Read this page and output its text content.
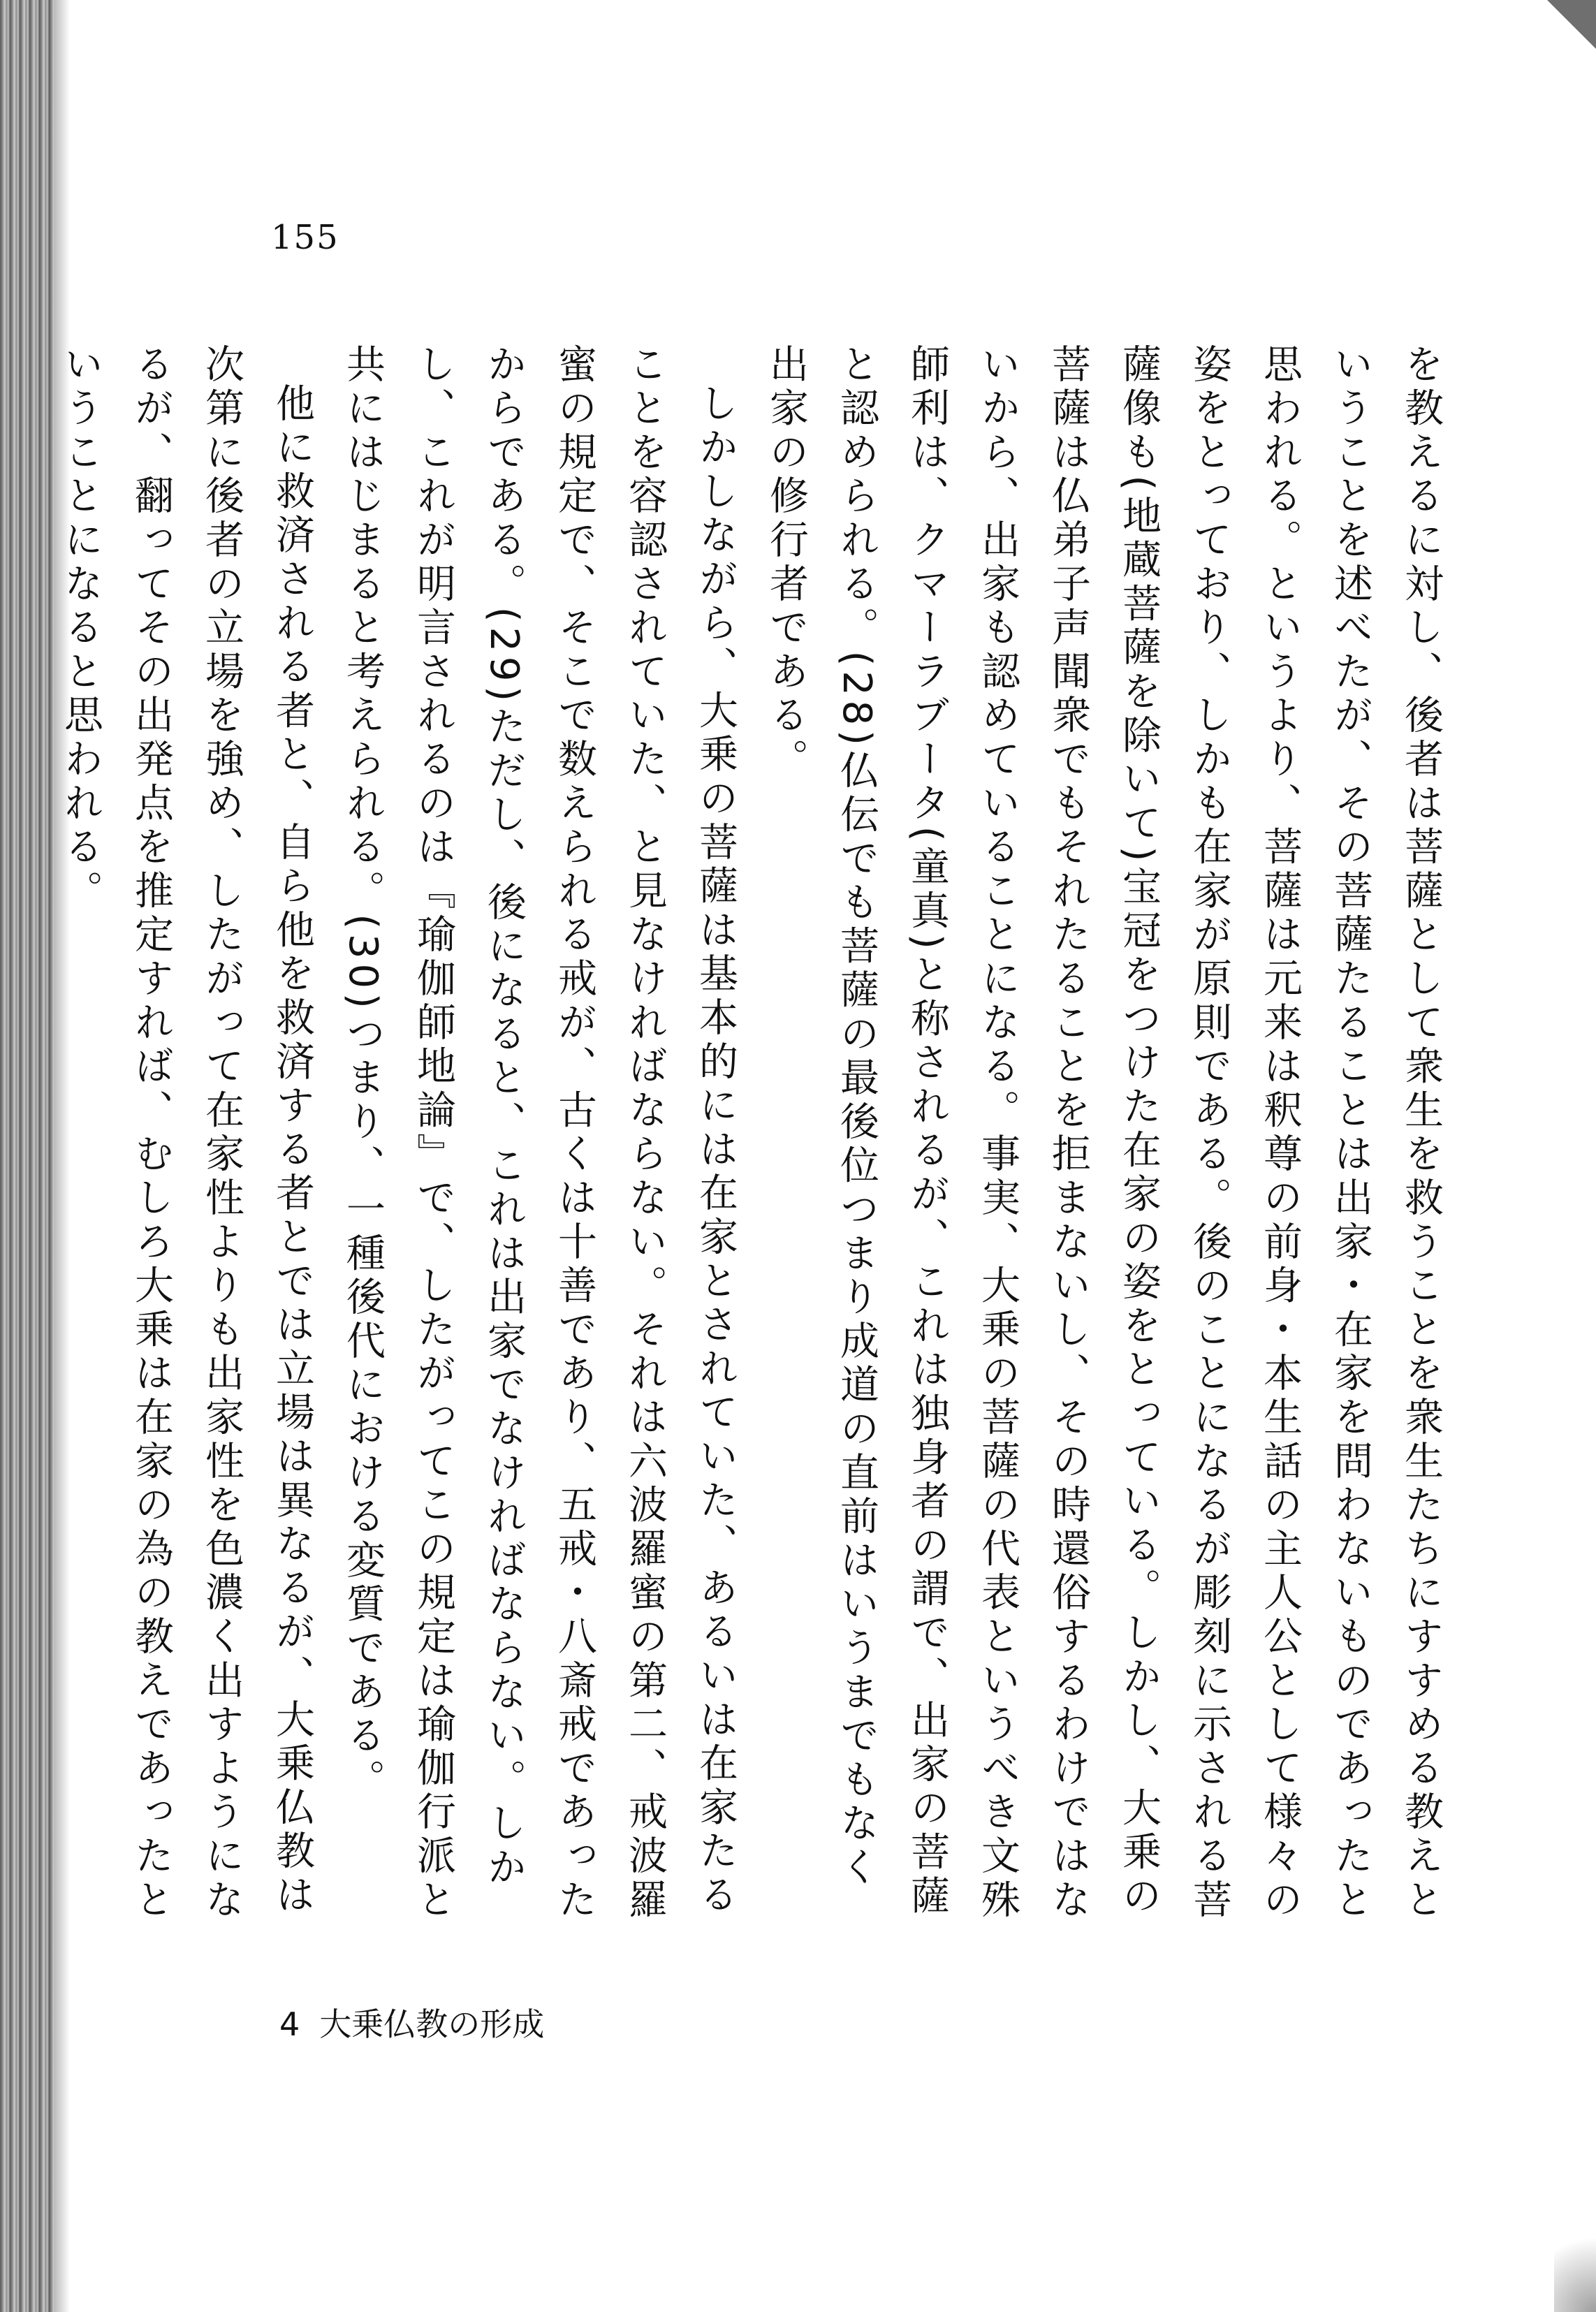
155

を教えるに対し、後者は菩薩として衆生を救うことを衆生たちにすすめる教えということを述べたが、その菩薩たることは出家・在家を問わないものであったと思われる。というより、菩薩は元来は釈尊の前身・本生話の主人公として様々の姿をとっており、しかも在家が原則である。後のことになるが彫刻に示される菩薩像も(地蔵菩薩を除いて)宝冠をつけた在家の姿をとっている。しかし、大乗の菩薩は仏弟子声聞衆でもそれたることを拒まないし、その時還俗するわけではないから、出家も認めていることになる。事実、大乗の菩薩の代表というべき文殊師利は、クマーラブータ(童真)と称されるが、これは独身者の謂で、出家の菩薩と認められる。(28)仏伝でも菩薩の最後位つまり成道の直前はいうまでもなく出家の修行者である。

しかしながら、大乗の菩薩は基本的には在家とされていた、あるいは在家たることを容認されていた、と見なければならない。それは六波羅蜜の第二、戒波羅蜜の規定で、そこで数えられる戒が、古くは十善であり、五戒・八斎戒であったからである。(29)ただし、後になると、これは出家でなければならない。しかし、これが明言されるのは『瑜伽師地論』で、したがってこの規定は瑜伽行派と共にはじまると考えられる。(30)つまり、一種後代における変質である。

他に救済される者と、自ら他を救済する者とでは立場は異なるが、大乗仏教は次第に後者の立場を強め、したがって在家性よりも出家性を色濃く出すようになるが、翻ってその出発点を推定すれば、むしろ大乗は在家の為の教えであったということになると思われる。

4 大乗仏教の形成
